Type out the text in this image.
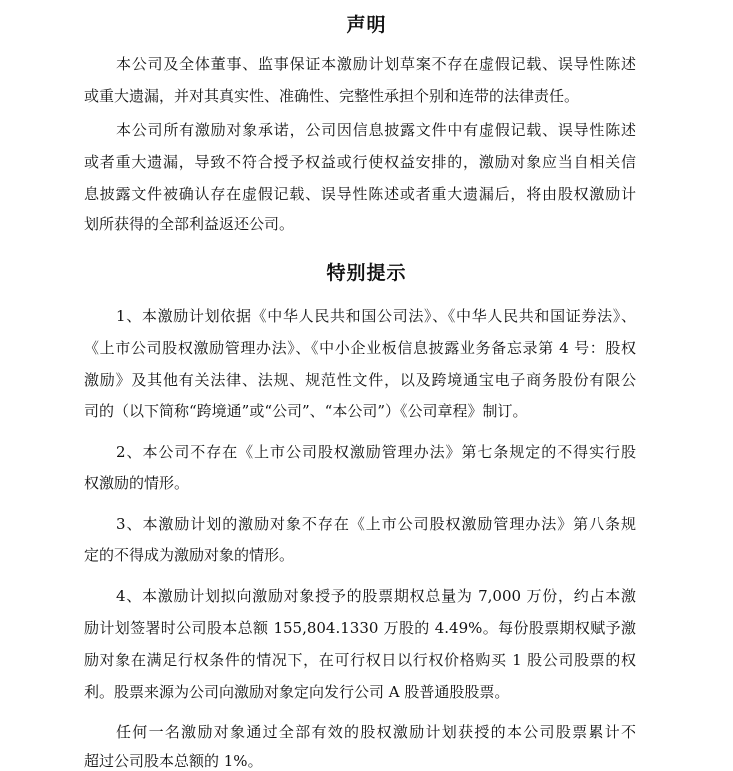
声明
本公司及全体董事、监事保证本激励计划草案不存在虚假记载、误导性陈述
或重大遗漏，并对其真实性、准确性、完整性承担个别和连带的法律责任。
本公司所有激励对象承诺，公司因信息披露文件中有虚假记载、误导性陈述
或者重大遗漏，导致不符合授予权益或行使权益安排的，激励对象应当自相关信
息披露文件被确认存在虚假记载、误导性陈述或者重大遗漏后，将由股权激励计
划所获得的全部利益返还公司。
特别提示
1、本激励计划依据《中华人民共和国公司法》、《中华人民共和国证券法》、
《上市公司股权激励管理办法》、《中小企业板信息披露业务备忘录第 4 号：股权
激励》及其他有关法律、法规、规范性文件，以及跨境通宝电子商务股份有限公
司的（以下简称“跨境通”或“公司”、“本公司”）《公司章程》制订。
2、本公司不存在《上市公司股权激励管理办法》第七条规定的不得实行股
权激励的情形。
3、本激励计划的激励对象不存在《上市公司股权激励管理办法》第八条规
定的不得成为激励对象的情形。
4、本激励计划拟向激励对象授予的股票期权总量为 7,000 万份，约占本激
励计划签署时公司股本总额 155,804.1330 万股的 4.49%。每份股票期权赋予激
励对象在满足行权条件的情况下，在可行权日以行权价格购买 1 股公司股票的权
利。股票来源为公司向激励对象定向发行公司 A 股普通股股票。
任何一名激励对象通过全部有效的股权激励计划获授的本公司股票累计不
超过公司股本总额的 1%。
